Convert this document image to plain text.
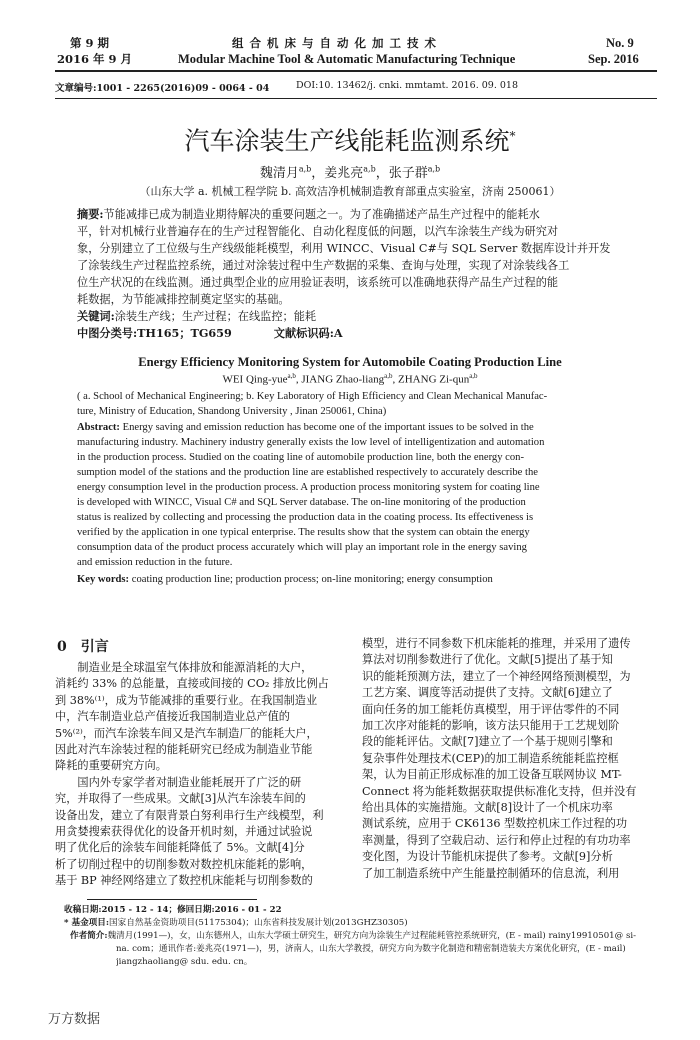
第 9 期
2016 年 9 月
组 合 机 床 与 自 动 化 加 工 技 术
Modular Machine Tool & Automatic Manufacturing Technique
No. 9
Sep. 2016
文章编号:1001 - 2265(2016)09 - 0064 - 04	DOI:10. 13462/j. cnki. mmtamt. 2016. 09. 018
汽车涂装生产线能耗监测系统*
魏清月$^{a,b}$，姜兆亮$^{a,b}$，张子群$^{a,b}$
（山东大学 a. 机械工程学院 b. 高效洁净机械制造教育部重点实验室，济南 250061）
摘要:节能减排已成为制造业期待解决的重要问题之一。为了准确描述产品生产过程中的能耗水
平，针对机械行业普遍存在的生产过程智能化、自动化程度低的问题，以汽车涂装生产线为研究对
象，分别建立了工位级与生产线级能耗模型，利用 WINCC、Visual C#与 SQL Server 数据库设计并开发
了涂装线生产过程监控系统，通过对涂装过程中生产数据的采集、查询与处理，实现了对涂装线各工
位生产状况的在线监测。通过典型企业的应用验证表明，该系统可以准确地获得产品生产过程的能
耗数据，为节能减排控制奠定坚实的基础。
关键词:涂装生产线；生产过程；在线监控；能耗
中图分类号:TH165；TG659	文献标识码:A
Energy Efficiency Monitoring System for Automobile Coating Production Line
WEI Qing-yue$^{a,b}$, JIANG Zhao-liang$^{a,b}$, ZHANG Zi-qun$^{a,b}$
( a. School of Mechanical Engineering; b. Key Laboratory of High Efficiency and Clean Mechanical Manufac-
ture, Ministry of Education, Shandong University , Jinan 250061, China)
Abstract: Energy saving and emission reduction has become one of the important issues to be solved in the
manufacturing industry. Machinery industry generally exists the low level of intelligentization and automation
in the production process. Studied on the coating line of automobile production line, both the energy con-
sumption model of the stations and the production line are established respectively to accurately describe the
energy consumption level in the production process. A production process monitoring system for coating line
is developed with WINCC, Visual C# and SQL Server database. The on-line monitoring of the production
status is realized by collecting and processing the production data in the coating process. Its effectiveness is
verified by the application in one typical enterprise. The results show that the system can obtain the energy
consumption data of the product process accurately which will play an important role in the energy saving
and emission reduction in the future.
Key words: coating production line; production process; on-line monitoring; energy consumption
0 引言

　　制造业是全球温室气体排放和能源消耗的大户，

消耗约 33% 的总能量，直接或间接的 CO₂ 排放比例占

到 38%⁽¹⁾，成为节能减排的重要行业。在我国制造业

中，汽车制造业总产值接近我国制造业总产值的

5%⁽²⁾，而汽车涂装车间又是汽车制造厂的能耗大户，

因此对汽车涂装过程的能耗研究已经成为制造业节能

降耗的重要研究方向。

　　国内外专家学者对制造业能耗展开了广泛的研

究，并取得了一些成果。文献[3]从汽车涂装车间的

设备出发，建立了有限背景白努利串行生产线模型，利

用贪婪搜索获得优化的设备开机时刻，并通过试验说

明了优化后的涂装车间能耗降低了 5%。文献[4]分

析了切削过程中的切削参数对数控机床能耗的影响，

基于 BP 神经网络建立了数控机床能耗与切削参数的

模型，进行不同参数下机床能耗的推理，并采用了遗传

算法对切削参数进行了优化。文献[5]提出了基于知

识的能耗预测方法，建立了一个神经网络预测模型，为

工艺方案、调度等活动提供了支持。文献[6]建立了

面向任务的加工能耗仿真模型，用于评估零件的不同

加工次序对能耗的影响，该方法只能用于工艺规划阶

段的能耗评估。文献[7]建立了一个基于规则引擎和

复杂事件处理技术(CEP)的加工制造系统能耗监控框

架，认为目前正形成标准的加工设备互联网协议 MT-

Connect 将为能耗数据获取提供标准化支持，但并没有

给出具体的实施措施。文献[8]设计了一个机床功率

测试系统，应用于 CK6136 型数控机床工作过程的功

率测量，得到了空载启动、运行和停止过程的有功功率

变化图，为设计节能机床提供了参考。文献[9]分析

了加工制造系统中产生能量控制循环的信息流，利用

收稿日期:2015 - 12 - 14；修回日期:2016 - 01 - 22
* 基金项目:国家自然基金资助项目(51175304)；山东省科技发展计划(2013GHZ30305)
作者简介:魏清月(1991—)，女，山东德州人，山东大学硕士研究生，研究方向为涂装生产过程能耗管控系统研究，(E - mail) rainy19910501@ si-
na. com；通讯作者:姜兆亮(1971—)，男，济南人，山东大学教授，研究方向为数字化制造和精密制造装夫方案优化研究，(E - mail)
jiangzhaoliang@ sdu. edu. cn。
万方数据
